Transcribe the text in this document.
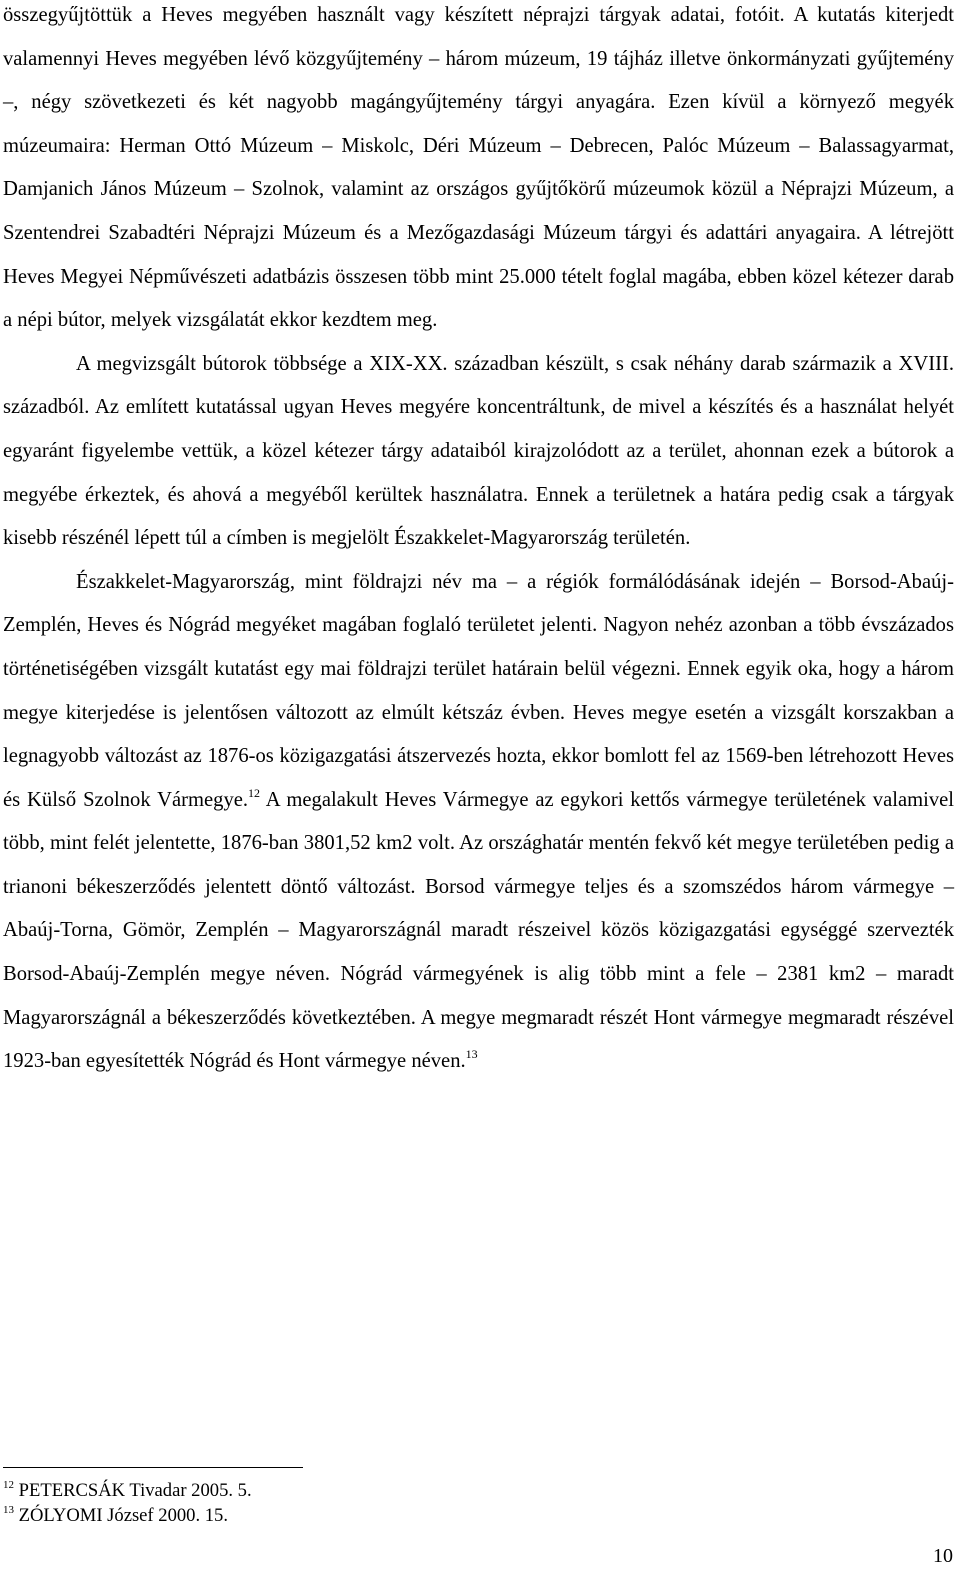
összegyűjtöttük a Heves megyében használt vagy készített néprajzi tárgyak adatai, fotóit. A kutatás kiterjedt valamennyi Heves megyében lévő közgyűjtemény – három múzeum, 19 tájház illetve önkormányzati gyűjtemény –, négy szövetkezeti és két nagyobb magángyűjtemény tárgyi anyagára. Ezen kívül a környező megyék múzeumaira: Herman Ottó Múzeum – Miskolc, Déri Múzeum – Debrecen, Palóc Múzeum – Balassagyarmat, Damjanich János Múzeum – Szolnok, valamint az országos gyűjtőkörű múzeumok közül a Néprajzi Múzeum, a Szentendrei Szabadtéri Néprajzi Múzeum és a Mezőgazdasági Múzeum tárgyi és adattári anyagaira. A létrejött Heves Megyei Népművészeti adatbázis összesen több mint 25.000 tételt foglal magába, ebben közel kétezer darab a népi bútor, melyek vizsgálatát ekkor kezdtem meg.

A megvizsgált bútorok többsége a XIX-XX. században készült, s csak néhány darab származik a XVIII. századból. Az említett kutatással ugyan Heves megyére koncentráltunk, de mivel a készítés és a használat helyét egyaránt figyelembe vettük, a közel kétezer tárgy adataiból kirajzolódott az a terület, ahonnan ezek a bútorok a megyébe érkeztek, és ahová a megyéből kerültek használatra. Ennek a területnek a határa pedig csak a tárgyak kisebb részénél lépett túl a címben is megjelölt Északkelet-Magyarország területén.

Északkelet-Magyarország, mint földrajzi név ma – a régiók formálódásának idején – Borsod-Abaúj-Zemplén, Heves és Nógrád megyéket magában foglaló területet jelenti. Nagyon nehéz azonban a több évszázados történetiségében vizsgált kutatást egy mai földrajzi terület határain belül végezni. Ennek egyik oka, hogy a három megye kiterjedése is jelentősen változott az elmúlt kétszáz évben. Heves megye esetén a vizsgált korszakban a legnagyobb változást az 1876-os közigazgatási átszervezés hozta, ekkor bomlott fel az 1569-ben létrehozott Heves és Külső Szolnok Vármegye.$^{12}$ A megalakult Heves Vármegye az egykori kettős vármegye területének valamivel több, mint felét jelentette, 1876-ban 3801,52 km2 volt. Az országhatár mentén fekvő két megye területében pedig a trianoni békeszerződés jelentett döntő változást. Borsod vármegye teljes és a szomszédos három vármegye – Abaúj-Torna, Gömör, Zemplén – Magyarországnál maradt részeivel közös közigazgatási egységgé szervezték Borsod-Abaúj-Zemplén megye néven. Nógrád vármegyének is alig több mint a fele – 2381 km2 – maradt Magyarországnál a békeszerződés következtében. A megye megmaradt részét Hont vármegye megmaradt részével 1923-ban egyesítették Nógrád és Hont vármegye néven.$^{13}$

$^{12}$ PETERCSÁK Tivadar 2005. 5.
$^{13}$ ZÓLYOMI József 2000. 15.
10
